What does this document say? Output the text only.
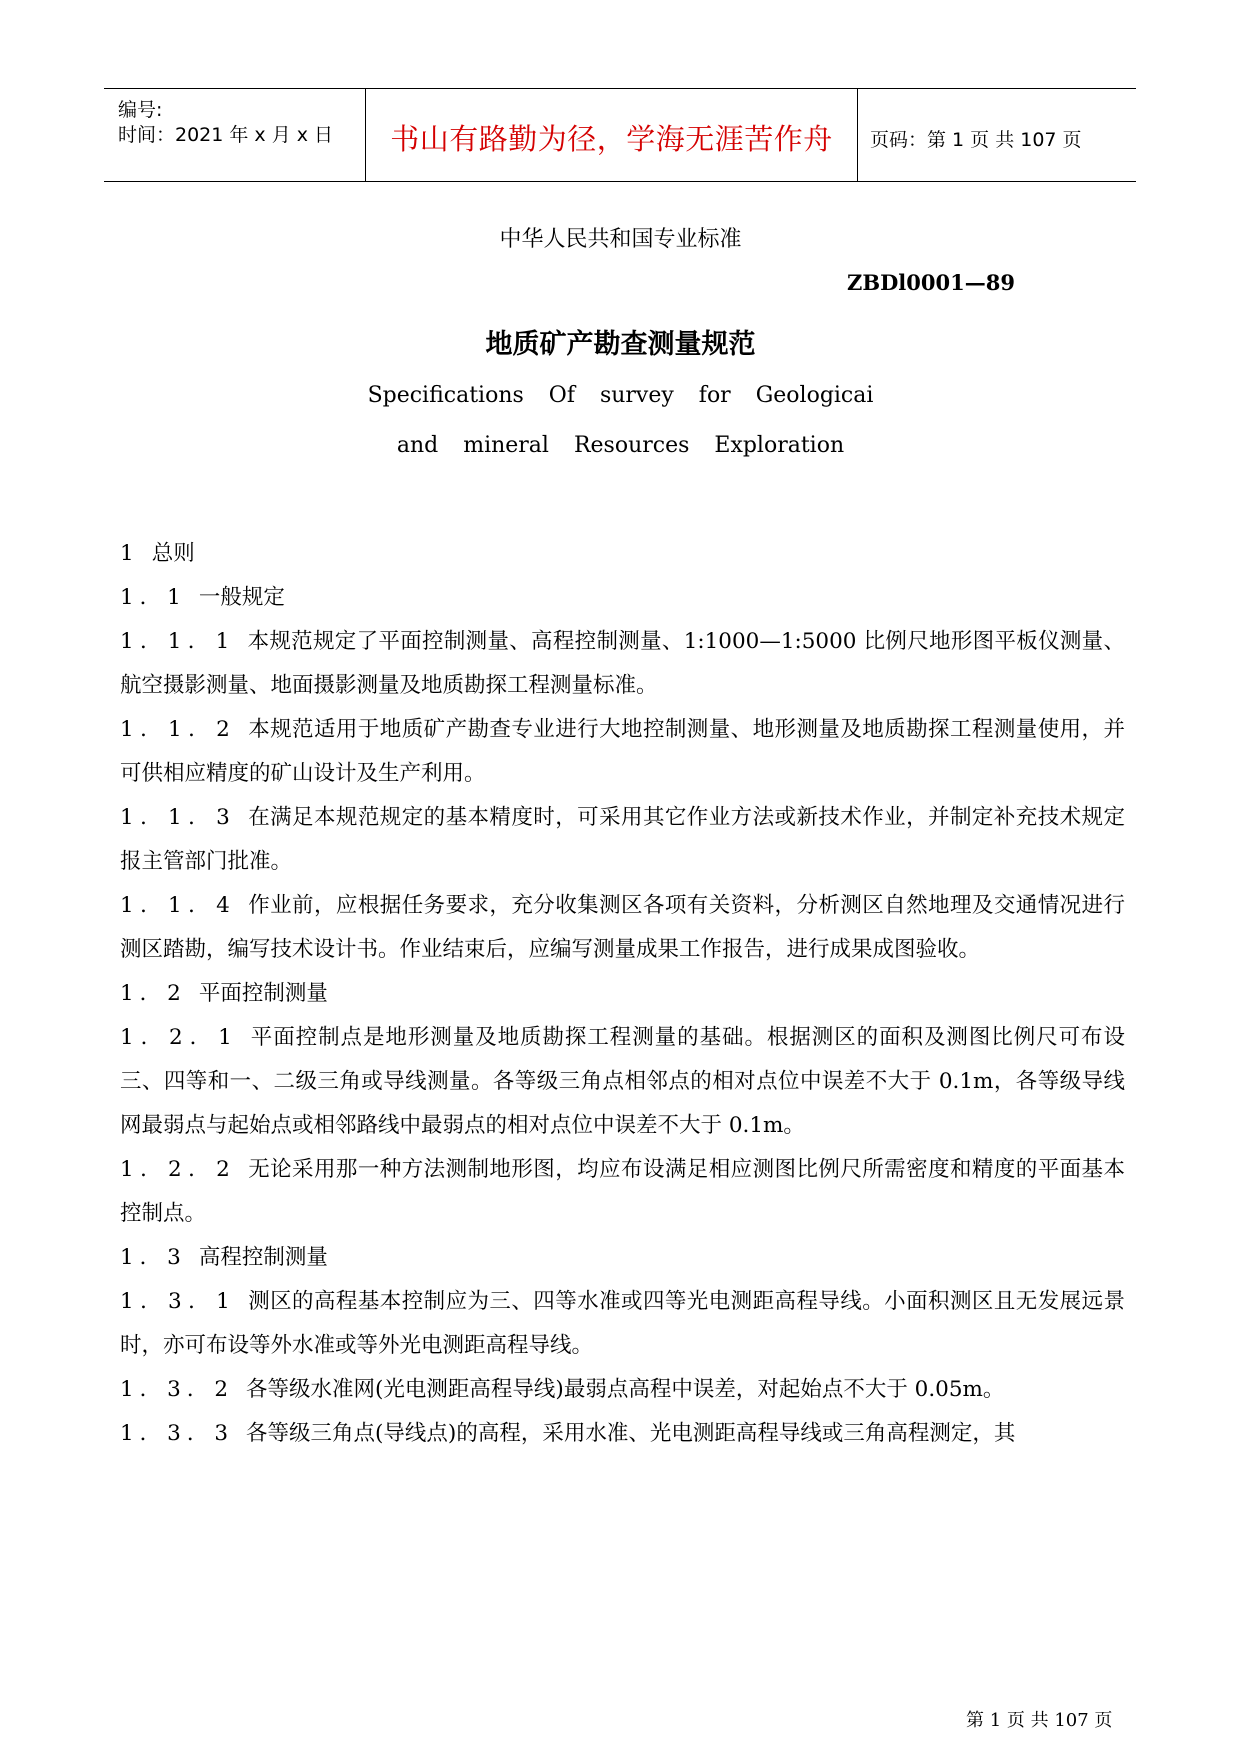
编号:
时间：2021 年 x 月 x 日	书山有路勤为径，学海无涯苦作舟	页码：第 1 页 共 107 页
中华人民共和国专业标准
ZBDl0001—89
地质矿产勘查测量规范
Specifications Of survey for Geologicai
and mineral Resources Exploration

1 总则

1．1 一般规定

1．1．1 本规范规定了平面控制测量、高程控制测量、1:1000—1:5000 比例尺地形图平板仪测量、航空摄影测量、地面摄影测量及地质勘探工程测量标准。

1．1．2 本规范适用于地质矿产勘查专业进行大地控制测量、地形测量及地质勘探工程测量使用，并可供相应精度的矿山设计及生产利用。

1．1．3 在满足本规范规定的基本精度时，可采用其它作业方法或新技术作业，并制定补充技术规定报主管部门批准。

1．1．4 作业前，应根据任务要求，充分收集测区各项有关资料，分析测区自然地理及交通情况进行测区踏勘，编写技术设计书。作业结束后，应编写测量成果工作报告，进行成果成图验收。

1．2 平面控制测量

1．2．1 平面控制点是地形测量及地质勘探工程测量的基础。根据测区的面积及测图比例尺可布设三、四等和一、二级三角或导线测量。各等级三角点相邻点的相对点位中误差不大于 0.1m，各等级导线网最弱点与起始点或相邻路线中最弱点的相对点位中误差不大于 0.1m。

1．2．2 无论采用那一种方法测制地形图，均应布设满足相应测图比例尺所需密度和精度的平面基本控制点。

1．3 高程控制测量

1．3．1 测区的高程基本控制应为三、四等水准或四等光电测距高程导线。小面积测区且无发展远景时，亦可布设等外水准或等外光电测距高程导线。

1．3．2 各等级水准网(光电测距高程导线)最弱点高程中误差，对起始点不大于 0.05m。

1．3．3 各等级三角点(导线点)的高程，采用水准、光电测距高程导线或三角高程测定，其

第 1 页 共 107 页
